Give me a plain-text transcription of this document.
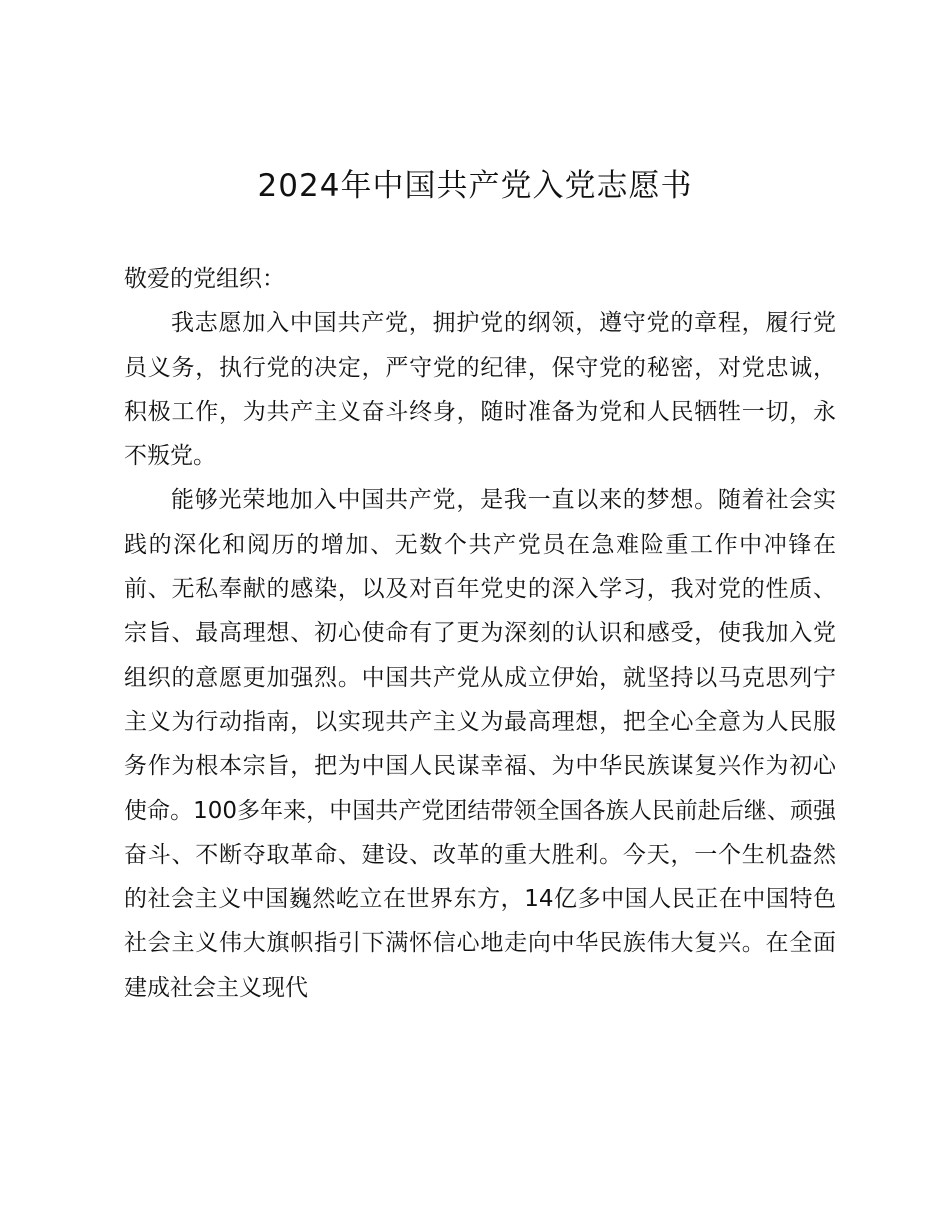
2024年中国共产党入党志愿书

敬爱的党组织：

我志愿加入中国共产党，拥护党的纲领，遵守党的章程，履行党员义务，执行党的决定，严守党的纪律，保守党的秘密，对党忠诚，积极工作，为共产主义奋斗终身，随时准备为党和人民牺牲一切，永不叛党。

能够光荣地加入中国共产党，是我一直以来的梦想。随着社会实践的深化和阅历的增加、无数个共产党员在急难险重工作中冲锋在前、无私奉献的感染，以及对百年党史的深入学习，我对党的性质、宗旨、最高理想、初心使命有了更为深刻的认识和感受，使我加入党组织的意愿更加强烈。中国共产党从成立伊始，就坚持以马克思列宁主义为行动指南，以实现共产主义为最高理想，把全心全意为人民服务作为根本宗旨，把为中国人民谋幸福、为中华民族谋复兴作为初心使命。100多年来，中国共产党团结带领全国各族人民前赴后继、顽强奋斗、不断夺取革命、建设、改革的重大胜利。今天，一个生机盎然的社会主义中国巍然屹立在世界东方，14亿多中国人民正在中国特色社会主义伟大旗帜指引下满怀信心地走向中华民族伟大复兴。在全面建成社会主义现代
